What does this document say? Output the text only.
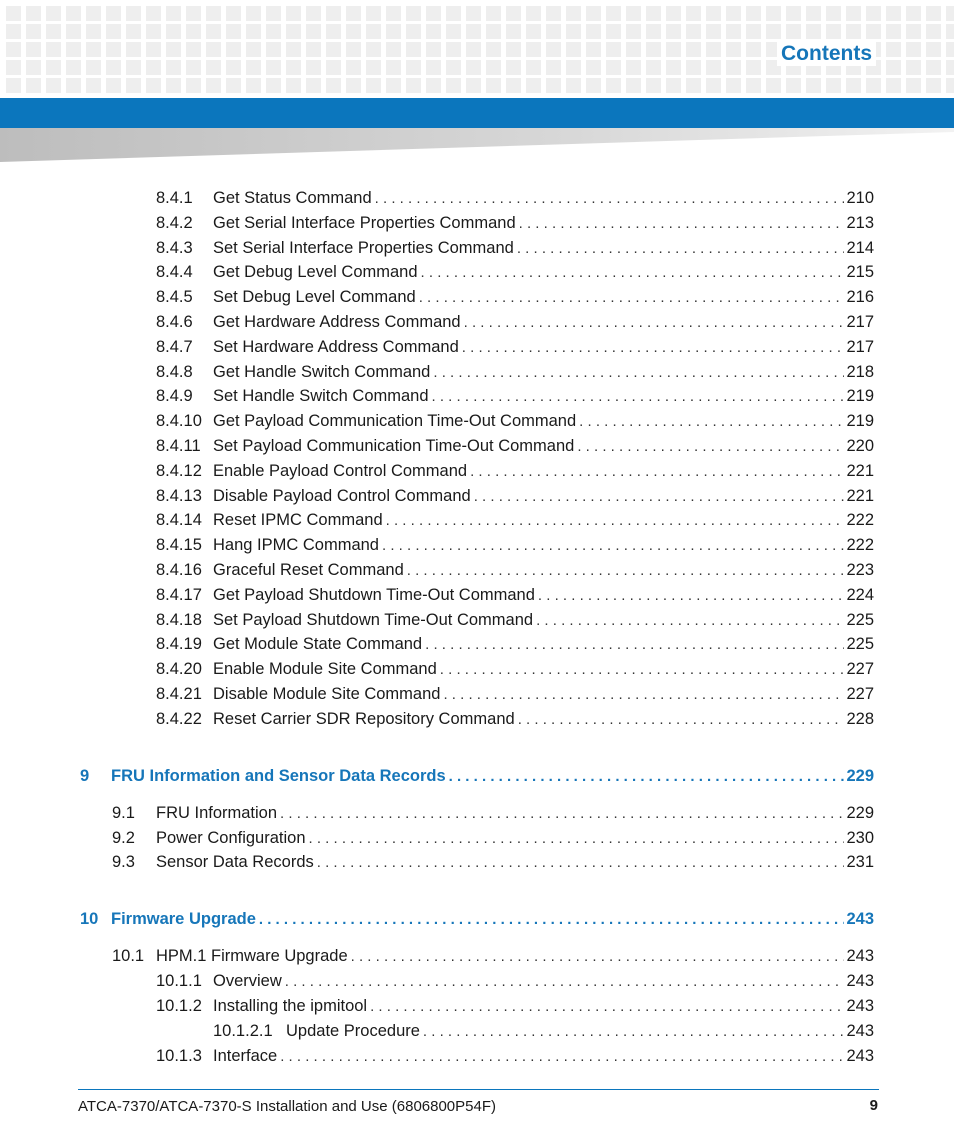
Contents
8.4.1	Get Status Command . . .	210
8.4.2	Get Serial Interface Properties Command . . .	213
8.4.3	Set Serial Interface Properties Command . . .	214
8.4.4	Get Debug Level Command . . .	215
8.4.5	Set Debug Level Command . . .	216
8.4.6	Get Hardware Address Command . . .	217
8.4.7	Set Hardware Address Command . . .	217
8.4.8	Get Handle Switch Command . . .	218
8.4.9	Set Handle Switch Command . . .	219
8.4.10 Get Payload Communication Time-Out Command . . .	219
8.4.11 Set Payload Communication Time-Out Command . . .	220
8.4.12 Enable Payload Control Command . . .	221
8.4.13 Disable Payload Control Command . . .	221
8.4.14 Reset IPMC Command . . .	222
8.4.15 Hang IPMC Command . . .	222
8.4.16 Graceful Reset Command . . .	223
8.4.17 Get Payload Shutdown Time-Out Command . . .	224
8.4.18 Set Payload Shutdown Time-Out Command . . .	225
8.4.19 Get Module State Command . . .	225
8.4.20 Enable Module Site Command . . .	227
8.4.21 Disable Module Site Command . . .	227
8.4.22 Reset Carrier SDR Repository Command . . .	228
9	FRU Information and Sensor Data Records . . .	229
9.1	FRU Information . . .	229
9.2	Power Configuration . . .	230
9.3	Sensor Data Records . . .	231
10 Firmware Upgrade . . .	243
10.1 HPM.1 Firmware Upgrade . . .	243
10.1.1 Overview . . .	243
10.1.2 Installing the ipmitool . . .	243
10.1.2.1 Update Procedure . . .	243
10.1.3 Interface . . .	243
ATCA-7370/ATCA-7370-S Installation and Use (6806800P54F)	9
